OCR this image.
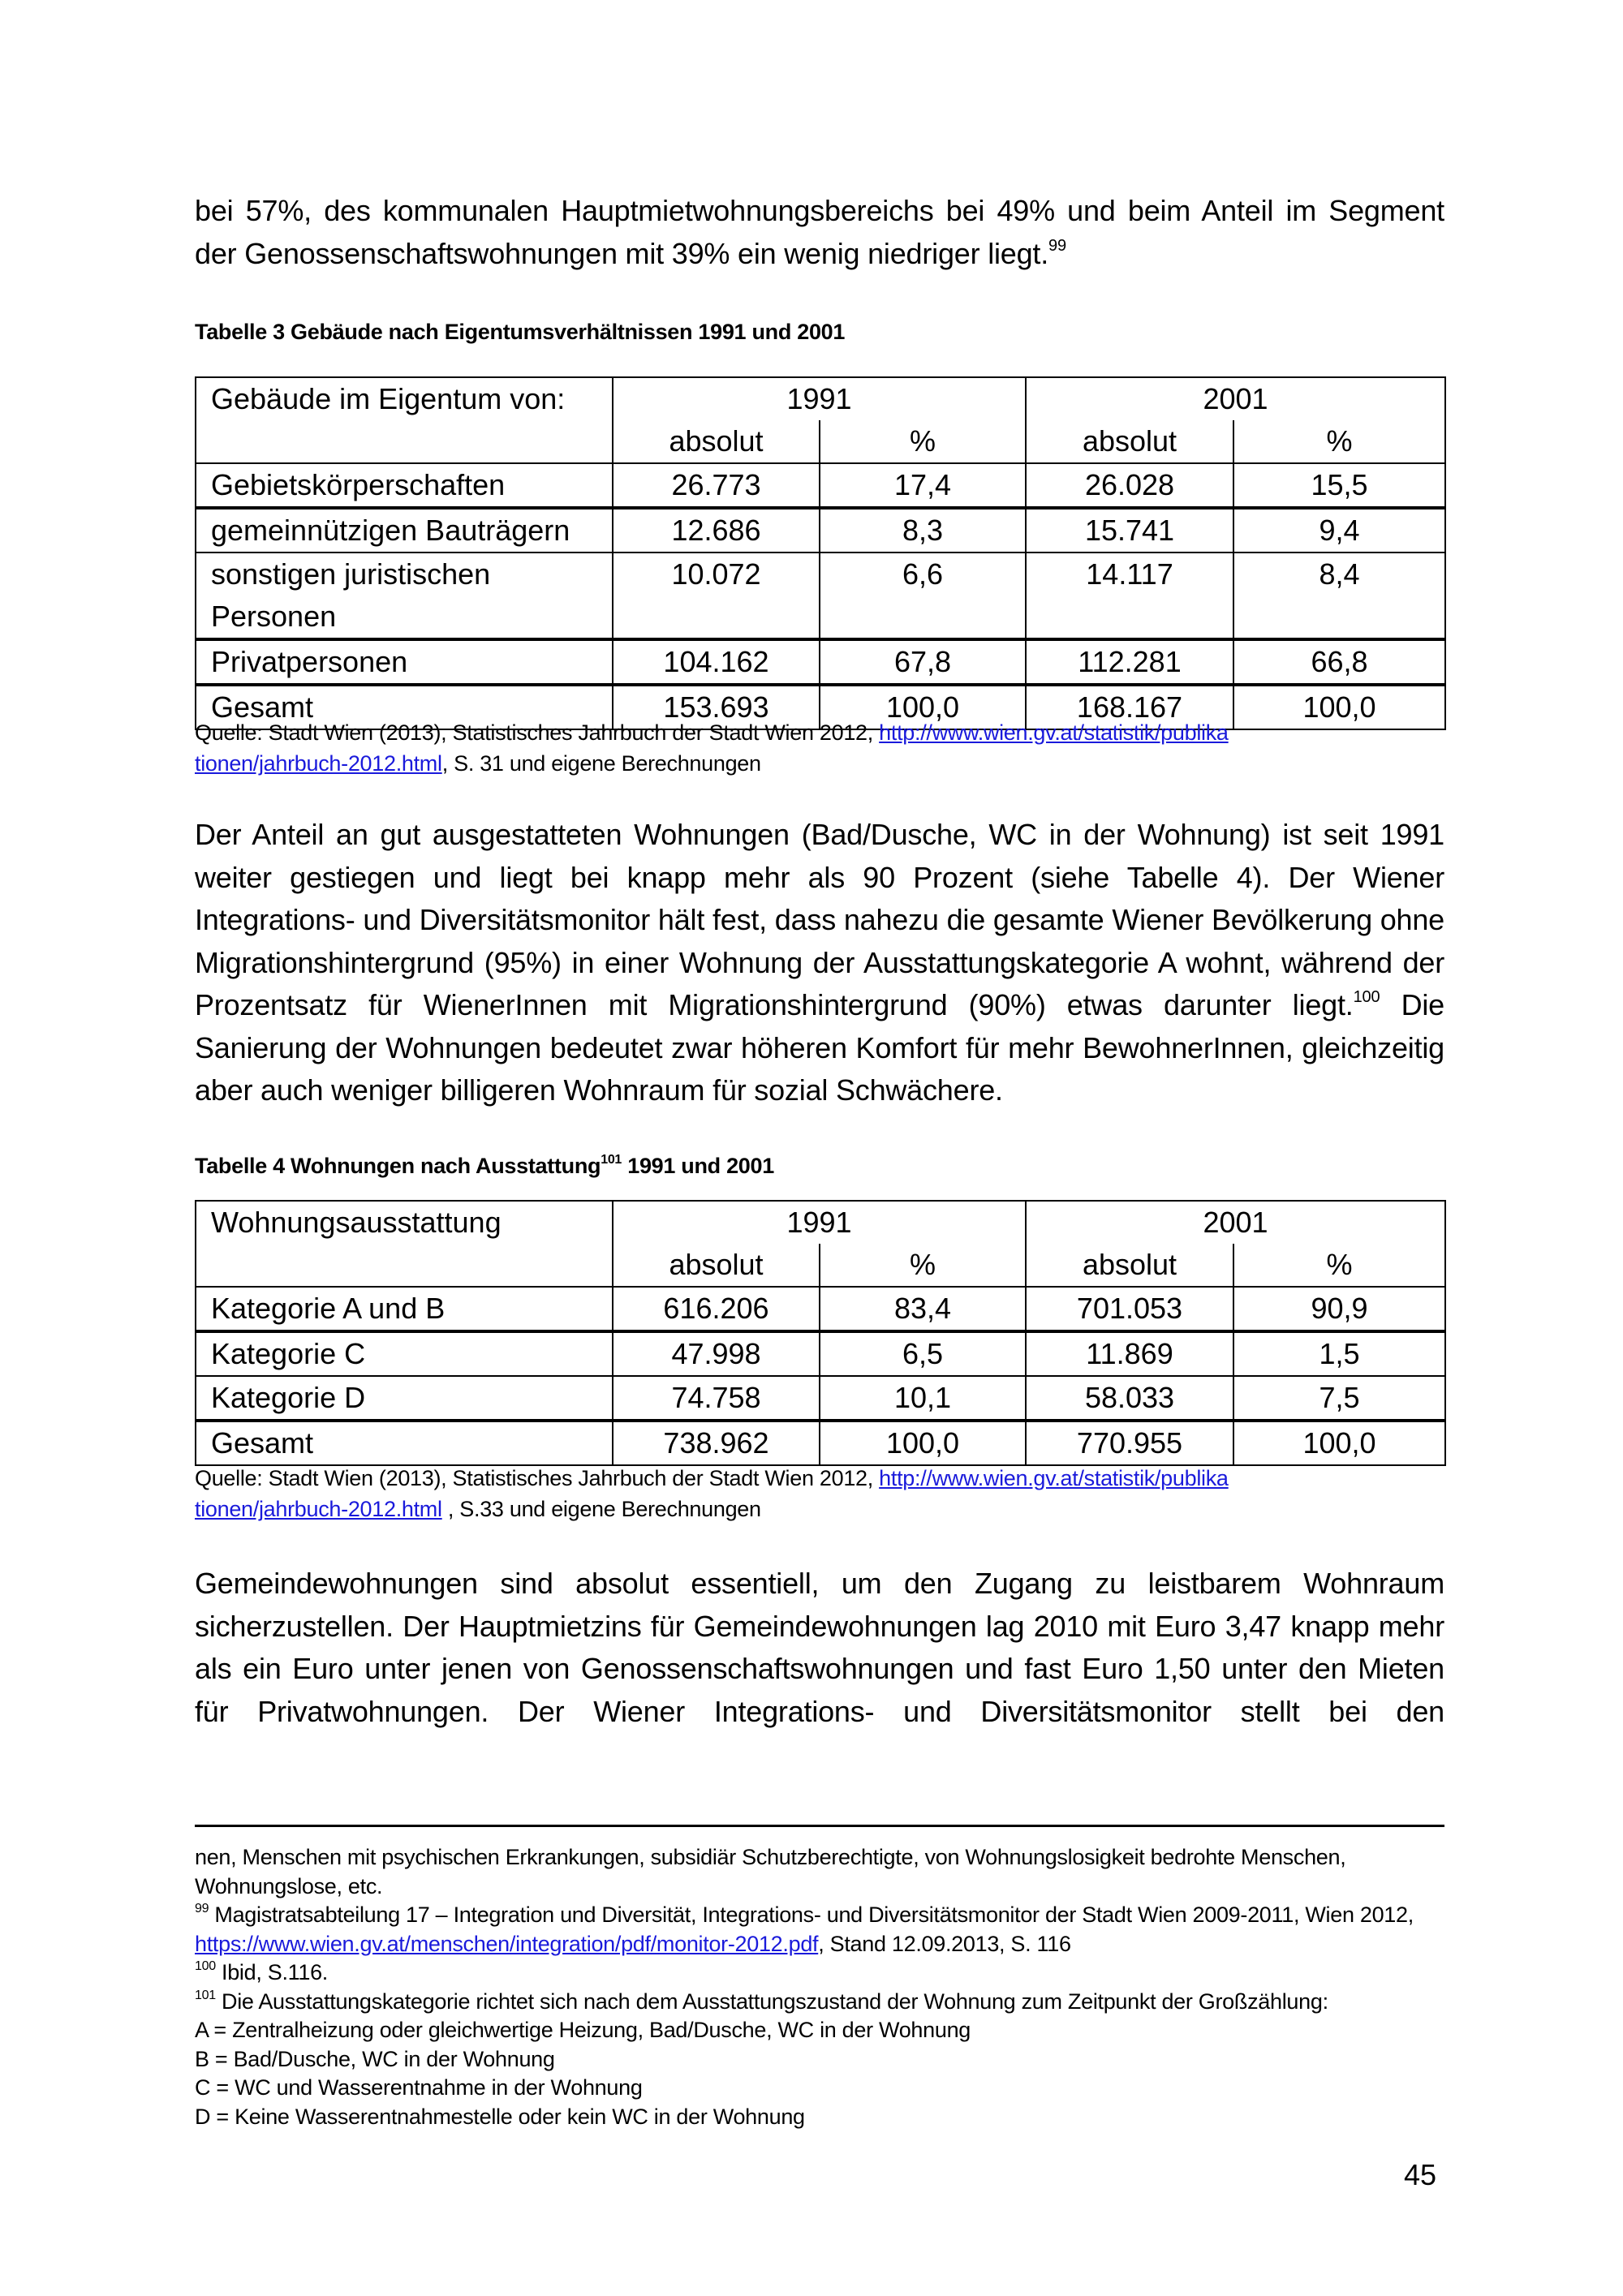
bei 57%, des kommunalen Hauptmietwohnungsbereichs bei 49% und beim Anteil im Segment der Genossenschaftswohnungen mit 39% ein wenig niedriger liegt.$^{99}$

Tabelle 3 Gebäude nach Eigentumsverhältnissen 1991 und 2001

Gebäude im Eigentum von:	1991		2001	
	absolut	%	absolut	%
Gebietskörperschaften	26.773	17,4	26.028	15,5
gemeinnützigen Bauträgern	12.686	8,3	15.741	9,4
sonstigen juristischen Personen	10.072	6,6	14.117	8,4
Privatpersonen	104.162	67,8	112.281	66,8
Gesamt	153.693	100,0	168.167	100,0

Quelle: Stadt Wien (2013), Statistisches Jahrbuch der Stadt Wien 2012, http://www.wien.gv.at/statistik/publika
tionen/jahrbuch-2012.html, S. 31 und eigene Berechnungen

Der Anteil an gut ausgestatteten Wohnungen (Bad/Dusche, WC in der Wohnung) ist seit 1991 weiter gestiegen und liegt bei knapp mehr als 90 Prozent (siehe Tabelle 4). Der Wiener Integrations- und Diversitätsmonitor hält fest, dass nahezu die gesamte Wiener Bevölkerung ohne Migrationshintergrund (95%) in einer Wohnung der Ausstattungskategorie A wohnt, während der Prozentsatz für WienerInnen mit Migrationshintergrund (90%) etwas darunter liegt.$^{100}$ Die Sanierung der Wohnungen bedeutet zwar höheren Komfort für mehr BewohnerInnen, gleichzeitig aber auch weniger billigeren Wohnraum für sozial Schwächere.

Tabelle 4 Wohnungen nach Ausstattung$^{101}$ 1991 und 2001

Wohnungsausstattung	1991		2001	
	absolut	%	absolut	%
Kategorie A und B	616.206	83,4	701.053	90,9
Kategorie C	47.998	6,5	11.869	1,5
Kategorie D	74.758	10,1	58.033	7,5
Gesamt	738.962	100,0	770.955	100,0

Quelle: Stadt Wien (2013), Statistisches Jahrbuch der Stadt Wien 2012, http://www.wien.gv.at/statistik/publika
tionen/jahrbuch-2012.html , S.33 und eigene Berechnungen

Gemeindewohnungen sind absolut essentiell, um den Zugang zu leistbarem Wohnraum sicherzustellen. Der Hauptmietzins für Gemeindewohnungen lag 2010 mit Euro 3,47 knapp mehr als ein Euro unter jenen von Genossenschaftswohnungen und fast Euro 1,50 unter den Mieten für Privatwohnungen. Der Wiener Integrations- und Diversitätsmonitor stellt bei den

nen, Menschen mit psychischen Erkrankungen, subsidiär Schutzberechtigte, von Wohnungslosigkeit bedrohte Menschen, Wohnungslose, etc.

$^{99}$ Magistratsabteilung 17 – Integration und Diversität, Integrations- und Diversitätsmonitor der Stadt Wien 2009-2011, Wien 2012, https://www.wien.gv.at/menschen/integration/pdf/monitor-2012.pdf, Stand 12.09.2013, S. 116

$^{100}$ Ibid, S.116.

$^{101}$ Die Ausstattungskategorie richtet sich nach dem Ausstattungszustand der Wohnung zum Zeitpunkt der Großzählung:

A = Zentralheizung oder gleichwertige Heizung, Bad/Dusche, WC in der Wohnung

B = Bad/Dusche, WC in der Wohnung

C = WC und Wasserentnahme in der Wohnung

D = Keine Wasserentnahmestelle oder kein WC in der Wohnung

45
